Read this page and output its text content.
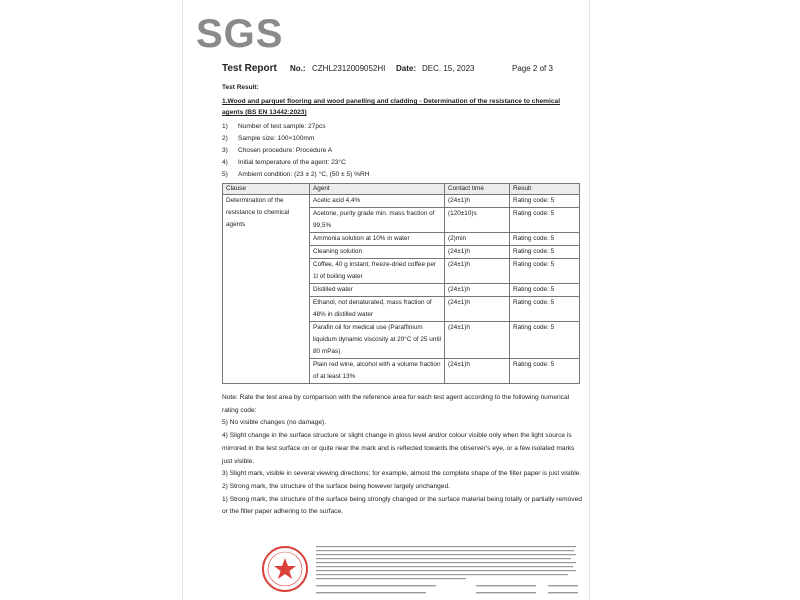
SGS
Test Report No.: CZHL2312009052HI Date: DEC. 15, 2023	Page 2 of 3
Test Result:
1.Wood and parquet flooring and wood panelling and cladding - Determination of the resistance to chemical agents (BS EN 13442:2023)
1)	Number of test sample: 27pcs
2)	Sample size: 100×100mm
3)	Chosen procedure: Procedure A
4)	Initial temperature of the agent: 23°C
5)	Ambient condition: (23 ± 2) °C, (50 ± 5) %RH
Clause	Agent	Contact time	Result
Determination of the resistance to chemical agents	Acetic acid 4,4%	(24±1)h	Rating code: 5
	Acetone, purity grade min. mass fraction of 99,5%	(120±10)s	Rating code: 5
	Ammonia solution at 10% in water	(2)min	Rating code: 5
	Cleaning solution	(24±1)h	Rating code: 5
	Coffee, 40 g instant, freeze-dried coffee per 1l of boiling water	(24±1)h	Rating code: 5
	Distilled water	(24±1)h	Rating code: 5
	Ethanol, not denaturated, mass fraction of 48% in distilled water	(24±1)h	Rating code: 5
	Parafin oil for medical use (Paraffinium liquidum dynamic viscosity at 20°C of 25 until 80 mPas)	(24±1)h	Rating code: 5
	Plain red wine, alcohol with a volume fraction of at least 13%	(24±1)h	Rating code: 5
Note: Rate the test area by comparison with the reference area for each test agent according to the following numerical rating code:
5) No visible changes (no damage).
4) Slight change in the surface structure or slight change in gloss level and/or colour visible only when the light source is mirrored in the test surface on or quite near the mark and is reflected towards the observer's eye, or a few isolated marks just visible.
3) Slight mark, visible in several viewing directions; for example, almost the complete shape of the filter paper is just visible.
2) Strong mark, the structure of the surface being however largely unchanged.
1) Strong mark, the structure of the surface being strongly changed or the surface material being totally or partially removed or the filter paper adhering to the surface.
